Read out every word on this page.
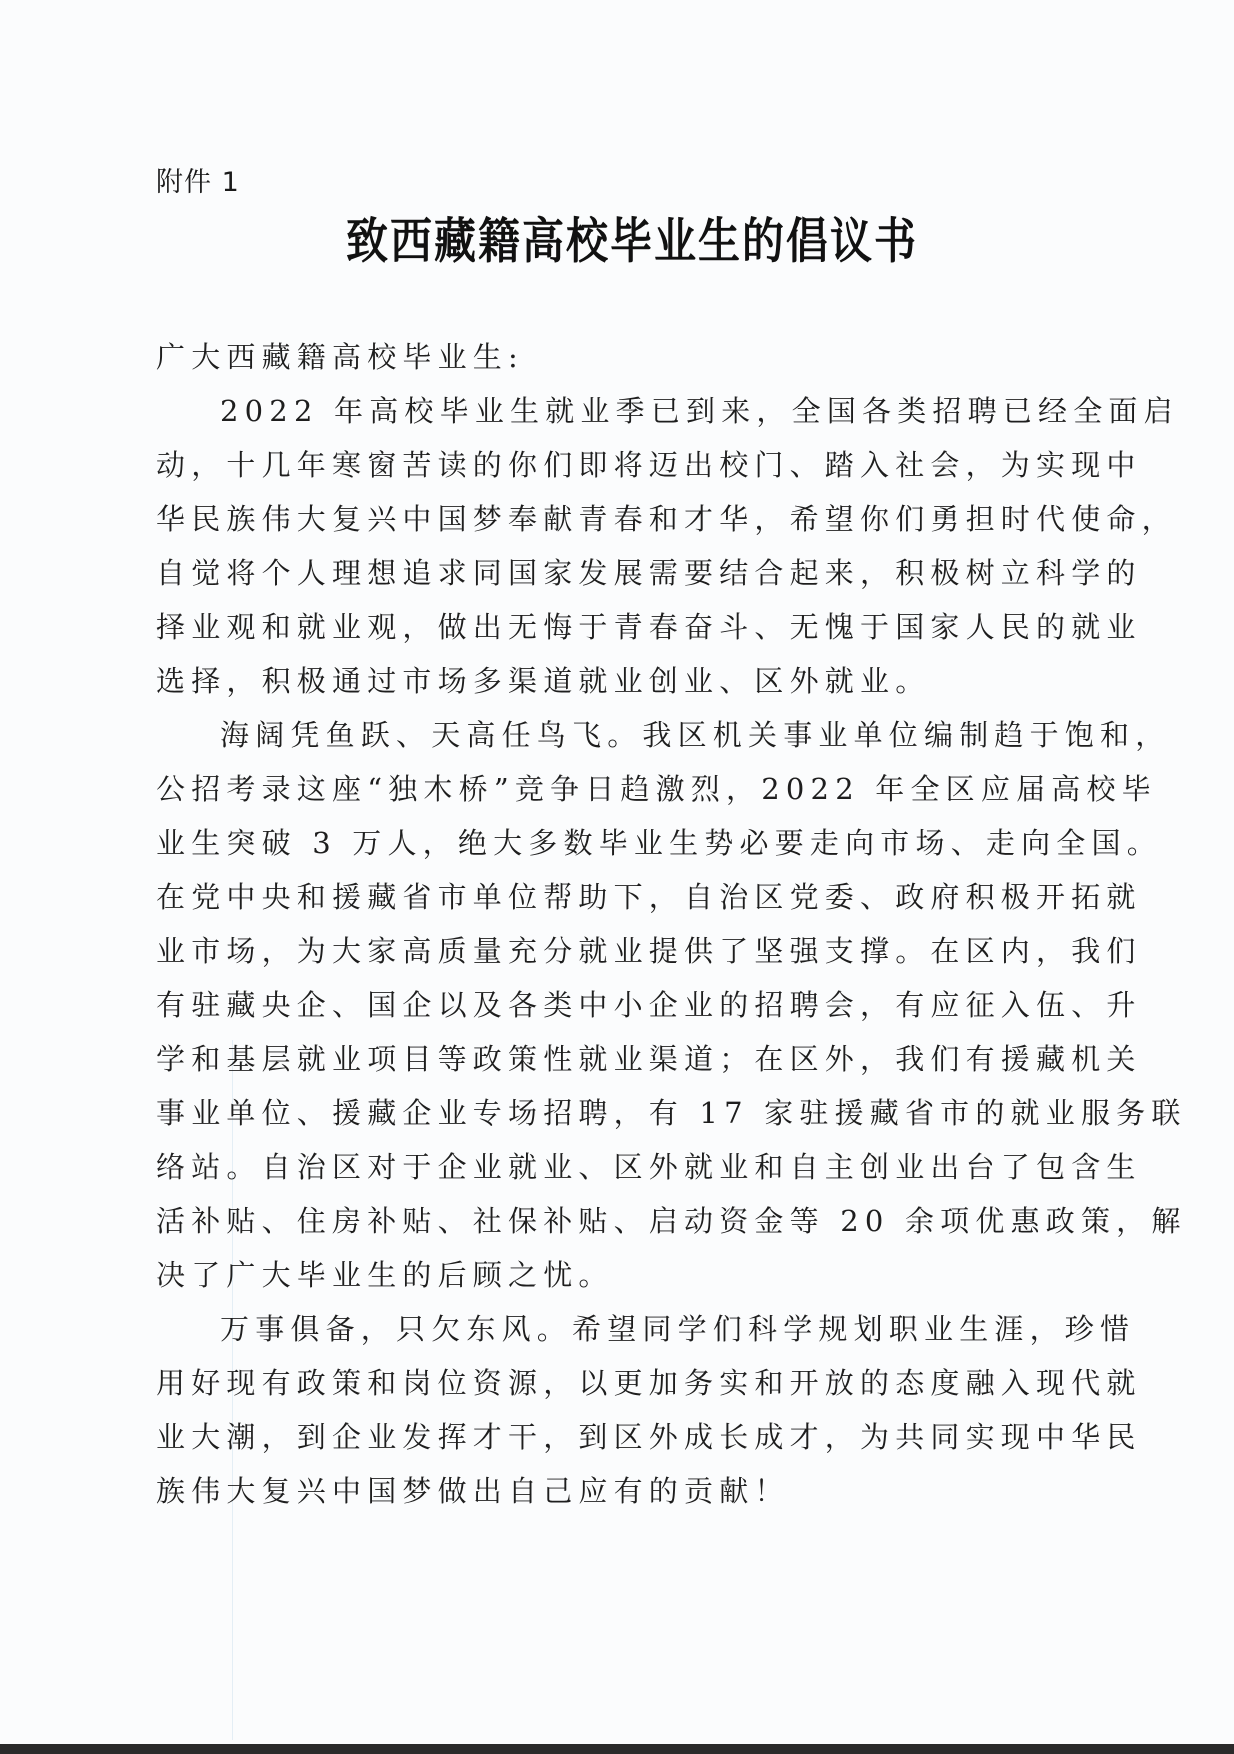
附件 1
致西藏籍高校毕业生的倡议书
广大西藏籍高校毕业生:
2022 年高校毕业生就业季已到来，全国各类招聘已经全面启
动，十几年寒窗苦读的你们即将迈出校门、踏入社会，为实现中
华民族伟大复兴中国梦奉献青春和才华，希望你们勇担时代使命，
自觉将个人理想追求同国家发展需要结合起来，积极树立科学的
择业观和就业观，做出无悔于青春奋斗、无愧于国家人民的就业
选择，积极通过市场多渠道就业创业、区外就业。
海阔凭鱼跃、天高任鸟飞。我区机关事业单位编制趋于饱和，
公招考录这座“独木桥”竞争日趋激烈，2022 年全区应届高校毕
业生突破 3 万人，绝大多数毕业生势必要走向市场、走向全国。
在党中央和援藏省市单位帮助下，自治区党委、政府积极开拓就
业市场，为大家高质量充分就业提供了坚强支撑。在区内，我们
有驻藏央企、国企以及各类中小企业的招聘会，有应征入伍、升
学和基层就业项目等政策性就业渠道；在区外，我们有援藏机关
事业单位、援藏企业专场招聘，有 17 家驻援藏省市的就业服务联
络站。自治区对于企业就业、区外就业和自主创业出台了包含生
活补贴、住房补贴、社保补贴、启动资金等 20 余项优惠政策，解
决了广大毕业生的后顾之忧。
万事俱备，只欠东风。希望同学们科学规划职业生涯，珍惜
用好现有政策和岗位资源，以更加务实和开放的态度融入现代就
业大潮，到企业发挥才干，到区外成长成才，为共同实现中华民
族伟大复兴中国梦做出自己应有的贡献！
